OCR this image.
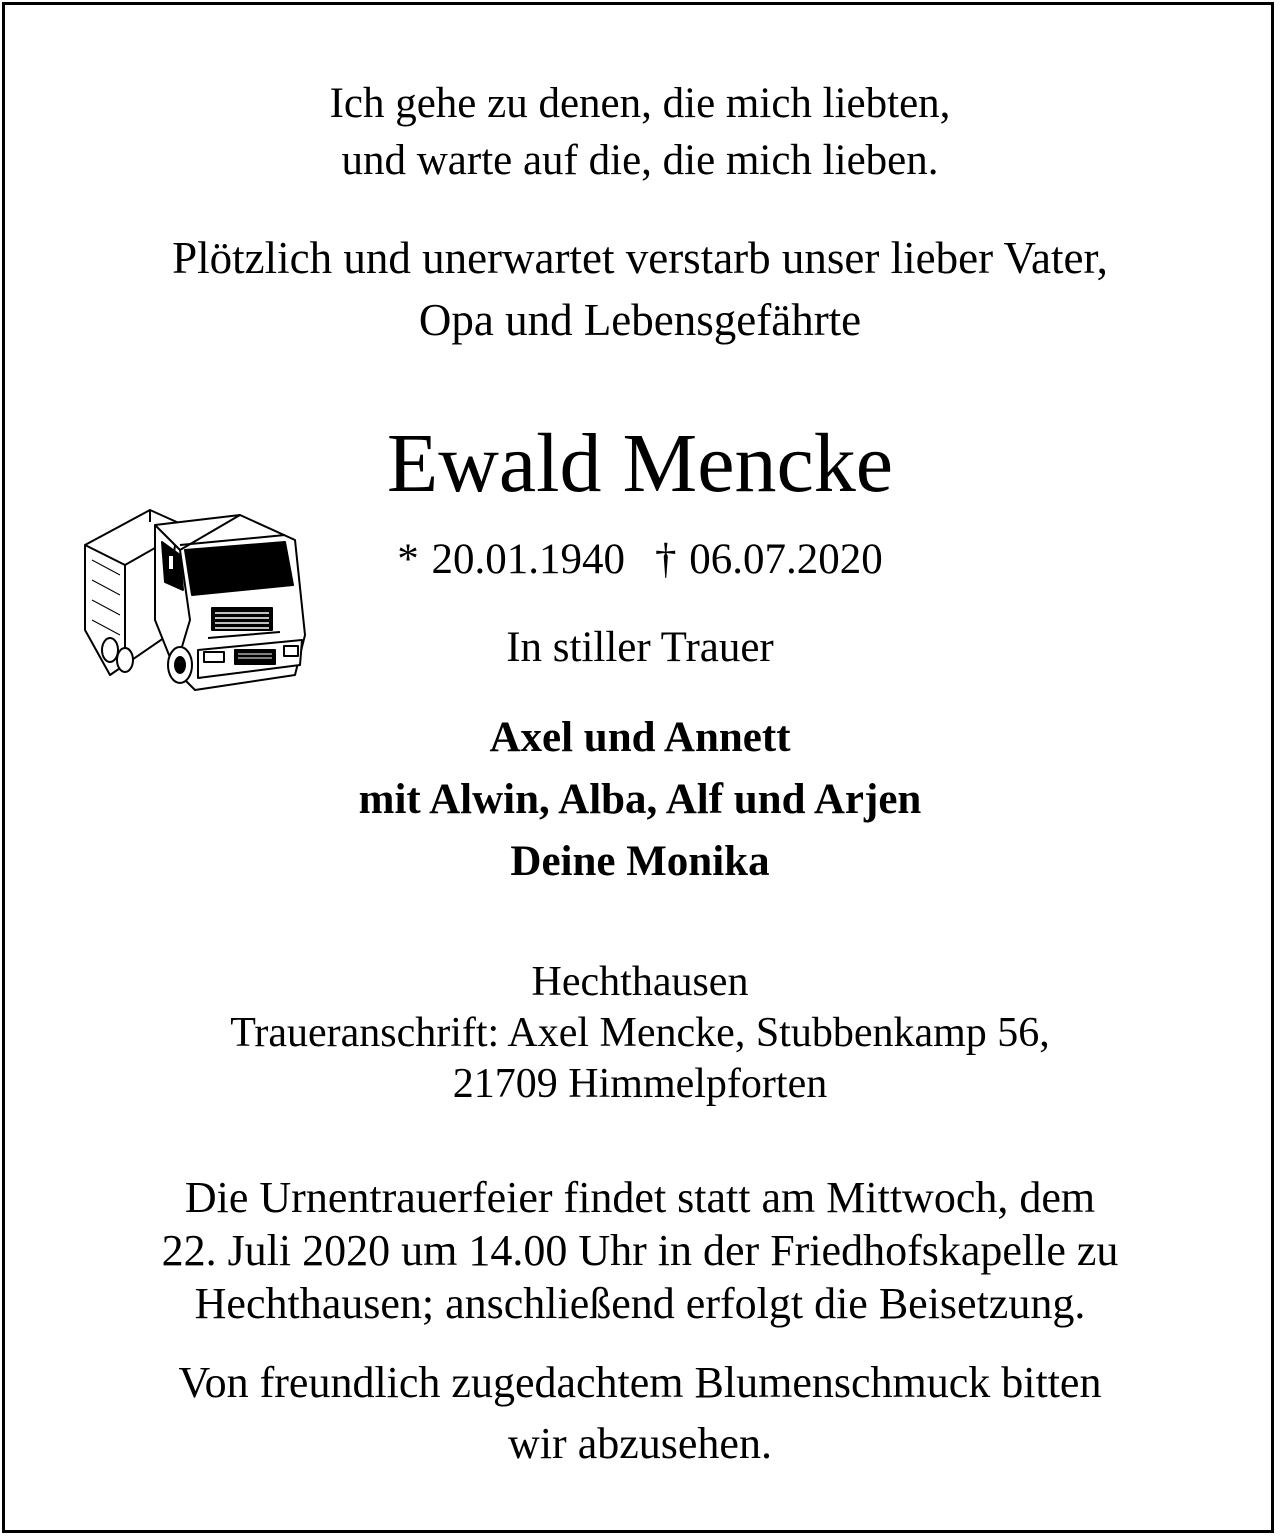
Ich gehe zu denen, die mich liebten,
und warte auf die, die mich lieben.
Plötzlich und unerwartet verstarb unser lieber Vater,
Opa und Lebensgefährte
Ewald Mencke
* 20.01.1940 † 06.07.2020
In stiller Trauer
Axel und Annett
mit Alwin, Alba, Alf und Arjen
Deine Monika
Hechthausen
Traueranschrift: Axel Mencke, Stubbenkamp 56,
21709 Himmelpforten
Die Urnentrauerfeier findet statt am Mittwoch, dem
22. Juli 2020 um 14.00 Uhr in der Friedhofskapelle zu
Hechthausen; anschließend erfolgt die Beisetzung.
Von freundlich zugedachtem Blumenschmuck bitten
wir abzusehen.
